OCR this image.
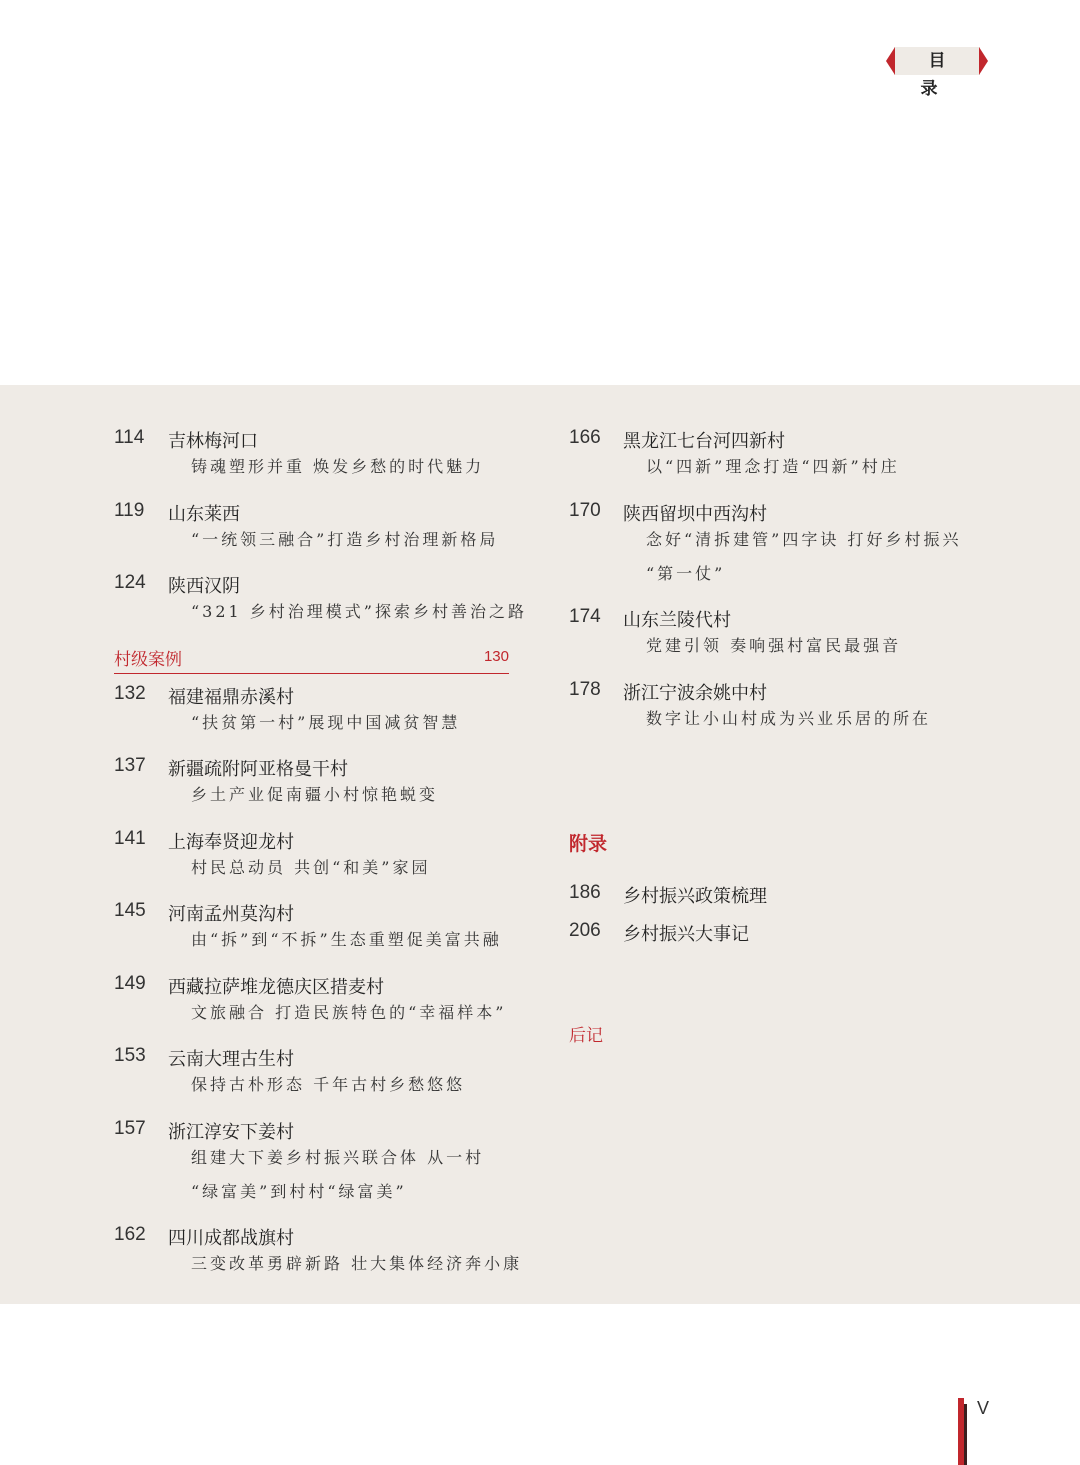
目 录
114 吉林梅河口
铸魂塑形并重 焕发乡愁的时代魅力
119 山东莱西
“一统领三融合”打造乡村治理新格局
124 陕西汉阴
“321 乡村治理模式”探索乡村善治之路
村级案例	130
132 福建福鼎赤溪村
“扶贫第一村”展现中国减贫智慧
137 新疆疏附阿亚格曼干村
乡土产业促南疆小村惊艳蜕变
141 上海奉贤迎龙村
村民总动员 共创“和美”家园
145 河南孟州莫沟村
由“拆”到“不拆”生态重塑促美富共融
149 西藏拉萨堆龙德庆区措麦村
文旅融合 打造民族特色的“幸福样本”
153 云南大理古生村
保持古朴形态 千年古村乡愁悠悠
157 浙江淳安下姜村
组建大下姜乡村振兴联合体 从一村
“绿富美”到村村“绿富美”
162 四川成都战旗村
三变改革勇辟新路 壮大集体经济奔小康
166 黑龙江七台河四新村
以“四新”理念打造“四新”村庄
170 陕西留坝中西沟村
念好“清拆建管”四字诀 打好乡村振兴
“第一仗”
174 山东兰陵代村
党建引领 奏响强村富民最强音
178 浙江宁波余姚中村
数字让小山村成为兴业乐居的所在
附录
186 乡村振兴政策梳理
206 乡村振兴大事记
后记
V
